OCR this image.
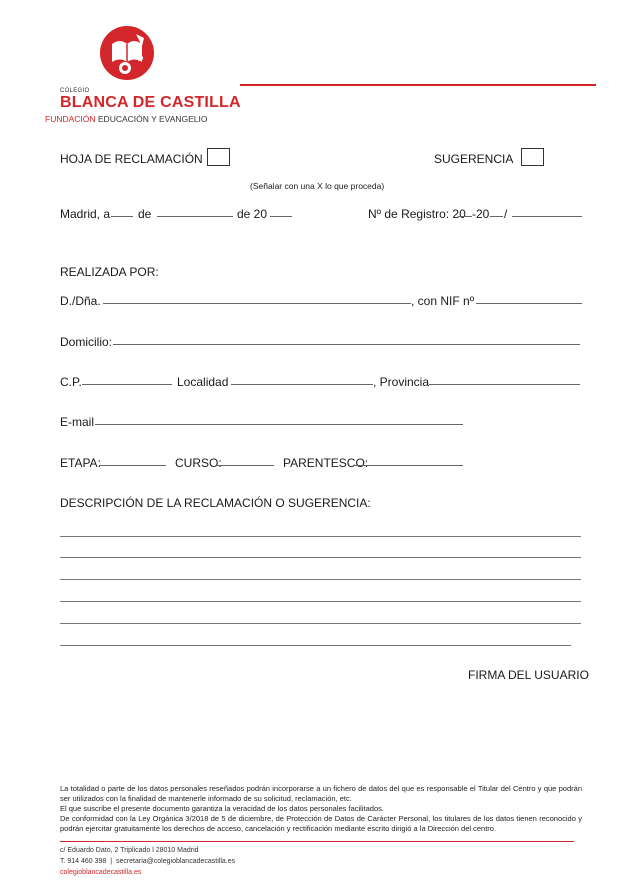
COLEGIO
BLANCA DE CASTILLA
FUNDACIÓN EDUCACIÓN Y EVANGELIO
HOJA DE RECLAMACIÓN	SUGERENCIA
(Señalar con una X lo que proceda)
Madrid, a de	de 20	Nº de Registro: 20 -20 /
REALIZADA POR:
D./Dña.	, con NIF nº
Domicilio:
C.P.	Localidad	, Provincia
E-mail
ETAPA:	CURSO:	PARENTESCO:
DESCRIPCIÓN DE LA RECLAMACIÓN O SUGERENCIA:
FIRMA DEL USUARIO
La totalidad o parte de los datos personales reseñados podrán incorporarse a un fichero de datos del que es responsable el Titular del Centro y que podrán ser utilizados con la finalidad de mantenerle informado de su solicitud, reclamación, etc.
El que suscribe el presente documento garantiza la veracidad de los datos personales facilitados.
De conformidad con la Ley Orgánica 3/2018 de 5 de diciembre, de Protección de Datos de Carácter Personal, los titulares de los datos tienen reconocido y podrán ejercitar gratuitamente los derechos de acceso, cancelación y rectificación mediante escrito dirigió a la Dirección del centro.
c/ Eduardo Dato, 2 Triplicado l 28010 Madrid
T. 914 460 398  |  secretaria@colegioblancadecastilla.es
colegioblancadecastilla.es
